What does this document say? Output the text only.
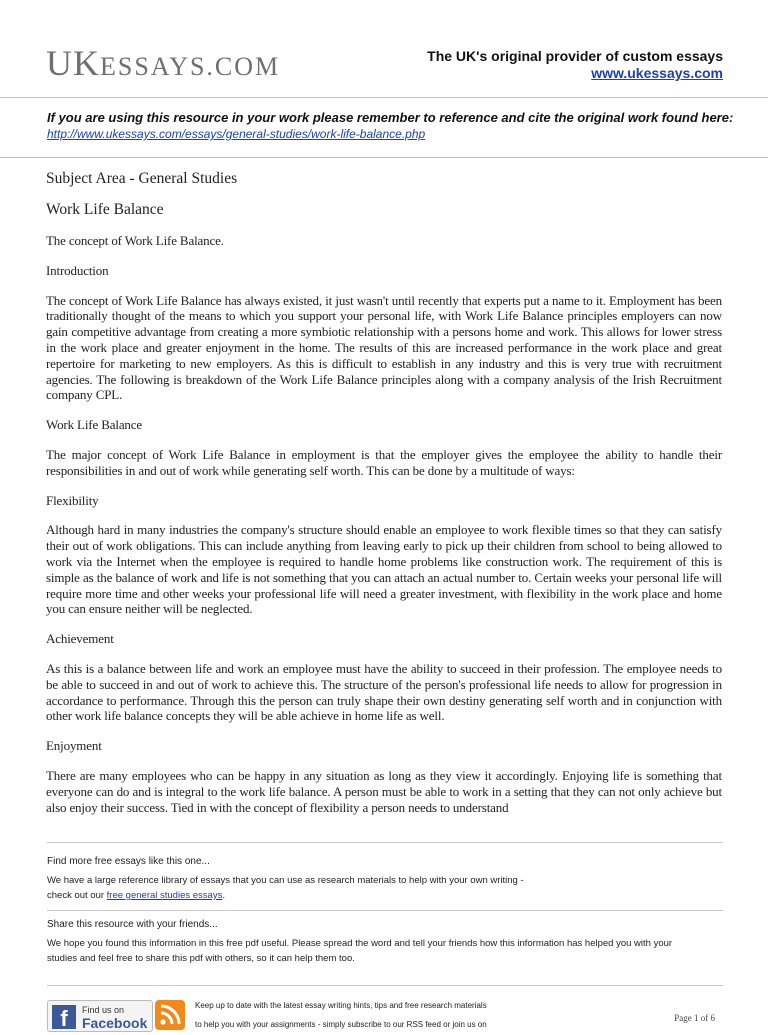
UKESSAYS.COM	The UK's original provider of custom essays
www.ukessays.com
If you are using this resource in your work please remember to reference and cite the original work found here:
http://www.ukessays.com/essays/general-studies/work-life-balance.php
Subject Area - General Studies
Work Life Balance
The concept of Work Life Balance.
Introduction
The concept of Work Life Balance has always existed, it just wasn't until recently that experts put a name to it. Employment has been traditionally thought of the means to which you support your personal life, with Work Life Balance principles employers can now gain competitive advantage from creating a more symbiotic relationship with a persons home and work. This allows for lower stress in the work place and greater enjoyment in the home. The results of this are increased performance in the work place and great repertoire for marketing to new employers. As this is difficult to establish in any industry and this is very true with recruitment agencies. The following is breakdown of the Work Life Balance principles along with a company analysis of the Irish Recruitment company CPL.
Work Life Balance
The major concept of Work Life Balance in employment is that the employer gives the employee the ability to handle their responsibilities in and out of work while generating self worth. This can be done by a multitude of ways:
Flexibility
Although hard in many industries the company's structure should enable an employee to work flexible times so that they can satisfy their out of work obligations. This can include anything from leaving early to pick up their children from school to being allowed to work via the Internet when the employee is required to handle home problems like construction work. The requirement of this is simple as the balance of work and life is not something that you can attach an actual number to. Certain weeks your personal life will require more time and other weeks your professional life will need a greater investment, with flexibility in the work place and home you can ensure neither will be neglected.
Achievement
As this is a balance between life and work an employee must have the ability to succeed in their profession. The employee needs to be able to succeed in and out of work to achieve this. The structure of the person's professional life needs to allow for progression in accordance to performance. Through this the person can truly shape their own destiny generating self worth and in conjunction with other work life balance concepts they will be able achieve in home life as well.
Enjoyment
There are many employees who can be happy in any situation as long as they view it accordingly. Enjoying life is something that everyone can do and is integral to the work life balance. A person must be able to work in a setting that they can not only achieve but also enjoy their success. Tied in with the concept of flexibility a person needs to understand
Find more free essays like this one...
We have a large reference library of essays that you can use as research materials to help with your own writing -
check out our free general studies essays.
Share this resource with your friends...
We hope you found this information in this free pdf useful. Please spread the word and tell your friends how this information has helped you with your
studies and feel free to share this pdf with others, so it can help them too.
f	Find us on
Facebook
Keep up to date with the latest essay writing hints, tips and free research materials
to help you with your assignments - simply subscribe to our RSS feed or join us on
Page 1 of 6
